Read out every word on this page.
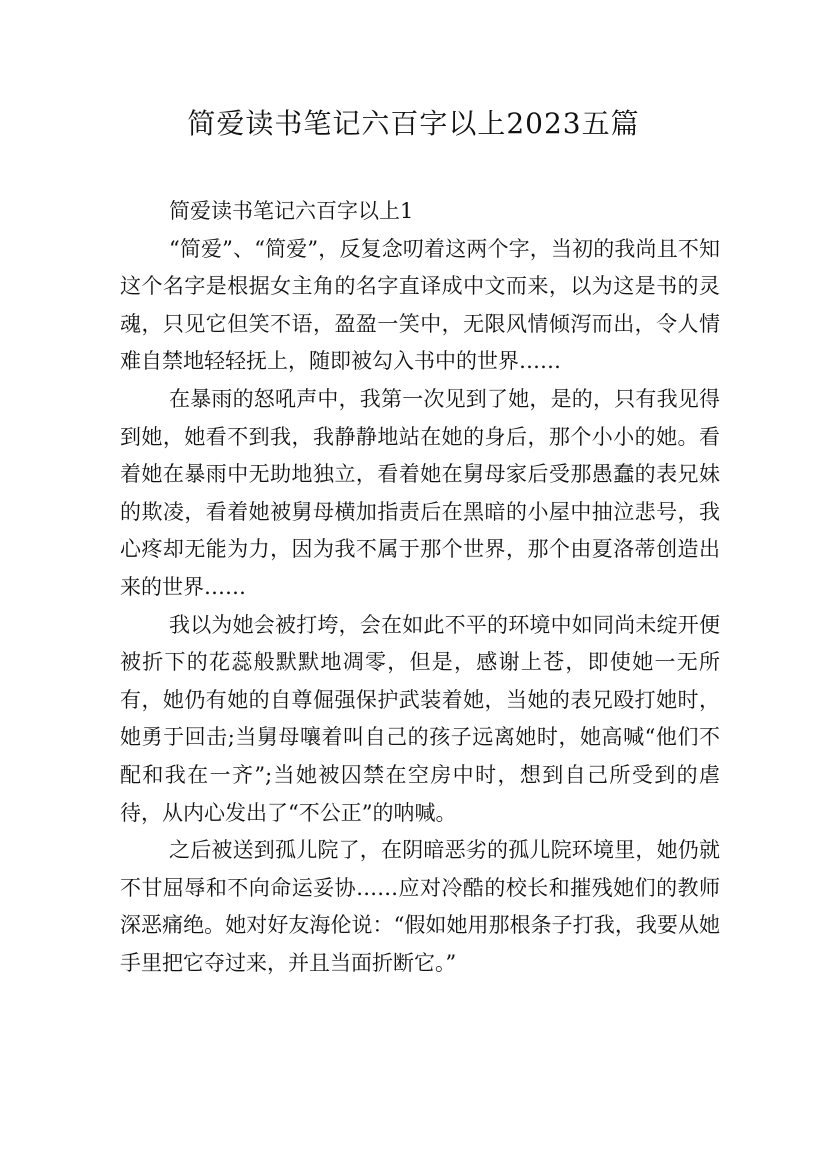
简爱读书笔记六百字以上2023五篇

简爱读书笔记六百字以上1

“简爱”、“简爱”，反复念叨着这两个字，当初的我尚且不知这个名字是根据女主角的名字直译成中文而来，以为这是书的灵魂，只见它但笑不语，盈盈一笑中，无限风情倾泻而出，令人情难自禁地轻轻抚上，随即被勾入书中的世界……

在暴雨的怒吼声中，我第一次见到了她，是的，只有我见得到她，她看不到我，我静静地站在她的身后，那个小小的她。看着她在暴雨中无助地独立，看着她在舅母家后受那愚蠢的表兄妹的欺凌，看着她被舅母横加指责后在黑暗的小屋中抽泣悲号，我心疼却无能为力，因为我不属于那个世界，那个由夏洛蒂创造出来的世界……

我以为她会被打垮，会在如此不平的环境中如同尚未绽开便被折下的花蕊般默默地凋零，但是，感谢上苍，即使她一无所有，她仍有她的自尊倔强保护武装着她，当她的表兄殴打她时，她勇于回击;当舅母嚷着叫自己的孩子远离她时，她高喊“他们不配和我在一齐”;当她被囚禁在空房中时，想到自己所受到的虐待，从内心发出了“不公正”的呐喊。

之后被送到孤儿院了，在阴暗恶劣的孤儿院环境里，她仍就不甘屈辱和不向命运妥协……应对冷酷的校长和摧残她们的教师深恶痛绝。她对好友海伦说：“假如她用那根条子打我，我要从她手里把它夺过来，并且当面折断它。”
